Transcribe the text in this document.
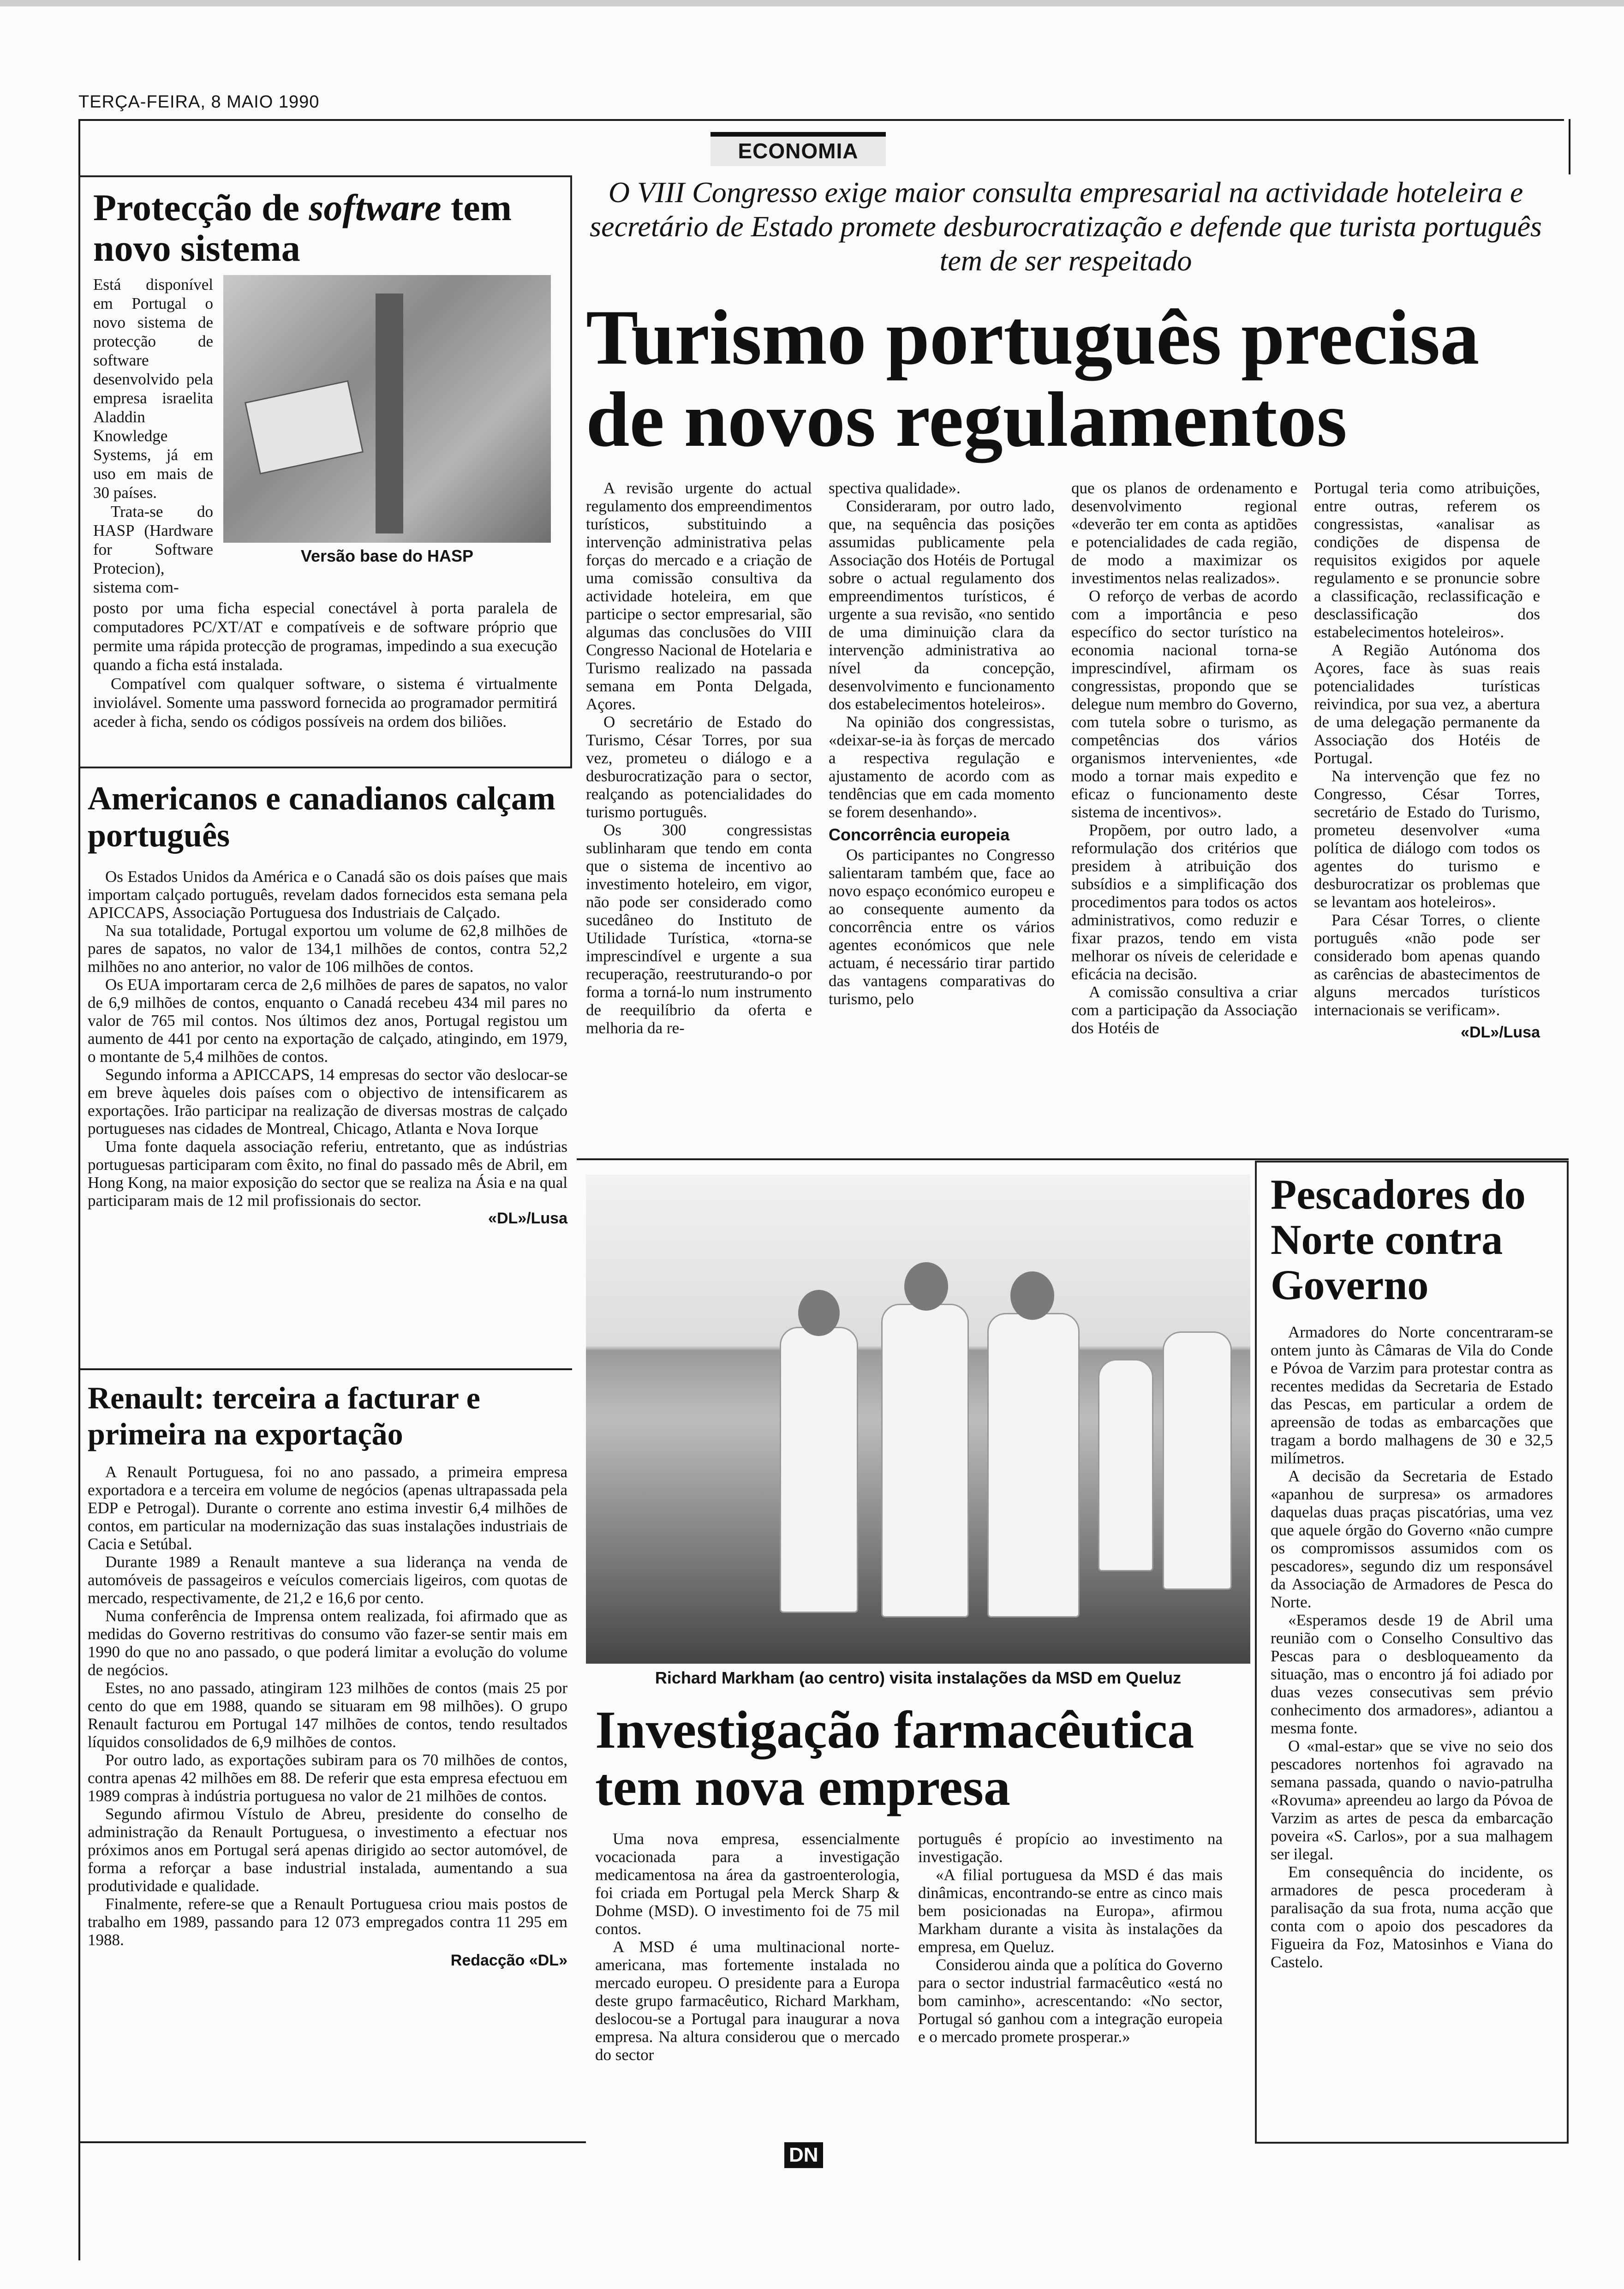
TERÇA-FEIRA, 8 MAIO 1990
ECONOMIA
Protecção de software tem novo sistema

Está disponível em Portugal o novo sistema de protecção de software desenvolvido pela empresa israelita Aladdin Knowledge Systems, já em uso em mais de 30 países.

Trata-se do HASP (Hardware for Software Protecion), sistema com-

Versão base do HASP

posto por uma ficha especial conectável à porta paralela de computadores PC/XT/AT e compatíveis e de software próprio que permite uma rápida protecção de programas, impedindo a sua execução quando a ficha está instalada.

Compatível com qualquer software, o sistema é virtualmente inviolável. Somente uma password fornecida ao programador permitirá aceder à ficha, sendo os códigos possíveis na ordem dos biliões.

Americanos e canadianos calçam português

Os Estados Unidos da América e o Canadá são os dois países que mais importam calçado português, revelam dados fornecidos esta semana pela APICCAPS, Associação Portuguesa dos Industriais de Calçado.

Na sua totalidade, Portugal exportou um volume de 62,8 milhões de pares de sapatos, no valor de 134,1 milhões de contos, contra 52,2 milhões no ano anterior, no valor de 106 milhões de contos.

Os EUA importaram cerca de 2,6 milhões de pares de sapatos, no valor de 6,9 milhões de contos, enquanto o Canadá recebeu 434 mil pares no valor de 765 mil contos. Nos últimos dez anos, Portugal registou um aumento de 441 por cento na exportação de calçado, atingindo, em 1979, o montante de 5,4 milhões de contos.

Segundo informa a APICCAPS, 14 empresas do sector vão deslocar-se em breve àqueles dois países com o objectivo de intensificarem as exportações. Irão participar na realização de diversas mostras de calçado portugueses nas cidades de Montreal, Chicago, Atlanta e Nova Iorque

Uma fonte daquela associação referiu, entretanto, que as indústrias portuguesas participaram com êxito, no final do passado mês de Abril, em Hong Kong, na maior exposição do sector que se realiza na Ásia e na qual participaram mais de 12 mil profissionais do sector.

«DL»/Lusa
Renault: terceira a facturar e primeira na exportação

A Renault Portuguesa, foi no ano passado, a primeira empresa exportadora e a terceira em volume de negócios (apenas ultrapassada pela EDP e Petrogal). Durante o corrente ano estima investir 6,4 milhões de contos, em particular na modernização das suas instalações industriais de Cacia e Setúbal.

Durante 1989 a Renault manteve a sua liderança na venda de automóveis de passageiros e veículos comerciais ligeiros, com quotas de mercado, respectivamente, de 21,2 e 16,6 por cento.

Numa conferência de Imprensa ontem realizada, foi afirmado que as medidas do Governo restritivas do consumo vão fazer-se sentir mais em 1990 do que no ano passado, o que poderá limitar a evolução do volume de negócios.

Estes, no ano passado, atingiram 123 milhões de contos (mais 25 por cento do que em 1988, quando se situaram em 98 milhões). O grupo Renault facturou em Portugal 147 milhões de contos, tendo resultados líquidos consolidados de 6,9 milhões de contos.

Por outro lado, as exportações subiram para os 70 milhões de contos, contra apenas 42 milhões em 88. De referir que esta empresa efectuou em 1989 compras à indústria portuguesa no valor de 21 milhões de contos.

Segundo afirmou Vístulo de Abreu, presidente do conselho de administração da Renault Portuguesa, o investimento a efectuar nos próximos anos em Portugal será apenas dirigido ao sector automóvel, de forma a reforçar a base industrial instalada, aumentando a sua produtividade e qualidade.

Finalmente, refere-se que a Renault Portuguesa criou mais postos de trabalho em 1989, passando para 12 073 empregados contra 11 295 em 1988.

Redacção «DL»
O VIII Congresso exige maior consulta empresarial na actividade hoteleira e secretário de Estado promete desburocratização e defende que turista português tem de ser respeitado
Turismo português precisa de novos regulamentos

A revisão urgente do actual regulamento dos empreendimentos turísticos, substituindo a intervenção administrativa pelas forças do mercado e a criação de uma comissão consultiva da actividade hoteleira, em que participe o sector empresarial, são algumas das conclusões do VIII Congresso Nacional de Hotelaria e Turismo realizado na passada semana em Ponta Delgada, Açores.

O secretário de Estado do Turismo, César Torres, por sua vez, prometeu o diálogo e a desburocratização para o sector, realçando as potencialidades do turismo português.

Os 300 congressistas sublinharam que tendo em conta que o sistema de incentivo ao investimento hoteleiro, em vigor, não pode ser considerado como sucedâneo do Instituto de Utilidade Turística, «torna-se imprescindível e urgente a sua recuperação, reestruturando-o por forma a torná-lo num instrumento de reequilíbrio da oferta e melhoria da re-

spectiva qualidade».

Consideraram, por outro lado, que, na sequência das posições assumidas publicamente pela Associação dos Hotéis de Portugal sobre o actual regulamento dos empreendimentos turísticos, é urgente a sua revisão, «no sentido de uma diminuição clara da intervenção administrativa ao nível da concepção, desenvolvimento e funcionamento dos estabelecimentos hoteleiros».

Na opinião dos congressistas, «deixar-se-ia às forças de mercado a respectiva regulação e ajustamento de acordo com as tendências que em cada momento se forem desenhando».

Concorrência europeia

Os participantes no Congresso salientaram também que, face ao novo espaço económico europeu e ao consequente aumento da concorrência entre os vários agentes económicos que nele actuam, é necessário tirar partido das vantagens comparativas do turismo, pelo

que os planos de ordenamento e desenvolvimento regional «deverão ter em conta as aptidões e potencialidades de cada região, de modo a maximizar os investimentos nelas realizados».

O reforço de verbas de acordo com a importância e peso específico do sector turístico na economia nacional torna-se imprescindível, afirmam os congressistas, propondo que se delegue num membro do Governo, com tutela sobre o turismo, as competências dos vários organismos intervenientes, «de modo a tornar mais expedito e eficaz o funcionamento deste sistema de incentivos».

Propõem, por outro lado, a reformulação dos critérios que presidem à atribuição dos subsídios e a simplificação dos procedimentos para todos os actos administrativos, como reduzir e fixar prazos, tendo em vista melhorar os níveis de celeridade e eficácia na decisão.

A comissão consultiva a criar com a participação da Associação dos Hotéis de

Portugal teria como atribuições, entre outras, referem os congressistas, «analisar as condições de dispensa de requisitos exigidos por aquele regulamento e se pronuncie sobre a classificação, reclassificação e desclassificação dos estabelecimentos hoteleiros».

A Região Autónoma dos Açores, face às suas reais potencialidades turísticas reivindica, por sua vez, a abertura de uma delegação permanente da Associação dos Hotéis de Portugal.

Na intervenção que fez no Congresso, César Torres, secretário de Estado do Turismo, prometeu desenvolver «uma política de diálogo com todos os agentes do turismo e desburocratizar os problemas que se levantam aos hoteleiros».

Para César Torres, o cliente português «não pode ser considerado bom apenas quando as carências de abastecimentos de alguns mercados turísticos internacionais se verificam».

«DL»/Lusa
Richard Markham (ao centro) visita instalações da MSD em Queluz
Investigação farmacêutica tem nova empresa

Uma nova empresa, essencialmente vocacionada para a investigação medicamentosa na área da gastroenterologia, foi criada em Portugal pela Merck Sharp & Dohme (MSD). O investimento foi de 75 mil contos.

A MSD é uma multinacional norte-americana, mas fortemente instalada no mercado europeu. O presidente para a Europa deste grupo farmacêutico, Richard Markham, deslocou-se a Portugal para inaugurar a nova empresa. Na altura considerou que o mercado do sector

português é propício ao investimento na investigação.

«A filial portuguesa da MSD é das mais dinâmicas, encontrando-se entre as cinco mais bem posicionadas na Europa», afirmou Markham durante a visita às instalações da empresa, em Queluz.

Considerou ainda que a política do Governo para o sector industrial farmacêutico «está no bom caminho», acrescentando: «No sector, Portugal só ganhou com a integração europeia e o mercado promete prosperar.»

Pescadores do Norte contra Governo

Armadores do Norte concentraram-se ontem junto às Câmaras de Vila do Conde e Póvoa de Varzim para protestar contra as recentes medidas da Secretaria de Estado das Pescas, em particular a ordem de apreensão de todas as embarcações que tragam a bordo malhagens de 30 e 32,5 milímetros.

A decisão da Secretaria de Estado «apanhou de surpresa» os armadores daquelas duas praças piscatórias, uma vez que aquele órgão do Governo «não cumpre os compromissos assumidos com os pescadores», segundo diz um responsável da Associação de Armadores de Pesca do Norte.

«Esperamos desde 19 de Abril uma reunião com o Conselho Consultivo das Pescas para o desbloqueamento da situação, mas o encontro já foi adiado por duas vezes consecutivas sem prévio conhecimento dos armadores», adiantou a mesma fonte.

O «mal-estar» que se vive no seio dos pescadores nortenhos foi agravado na semana passada, quando o navio-patrulha «Rovuma» apreendeu ao largo da Póvoa de Varzim as artes de pesca da embarcação poveira «S. Carlos», por a sua malhagem ser ilegal.

Em consequência do incidente, os armadores de pesca procederam à paralisação da sua frota, numa acção que conta com o apoio dos pescadores da Figueira da Foz, Matosinhos e Viana do Castelo.

DN
